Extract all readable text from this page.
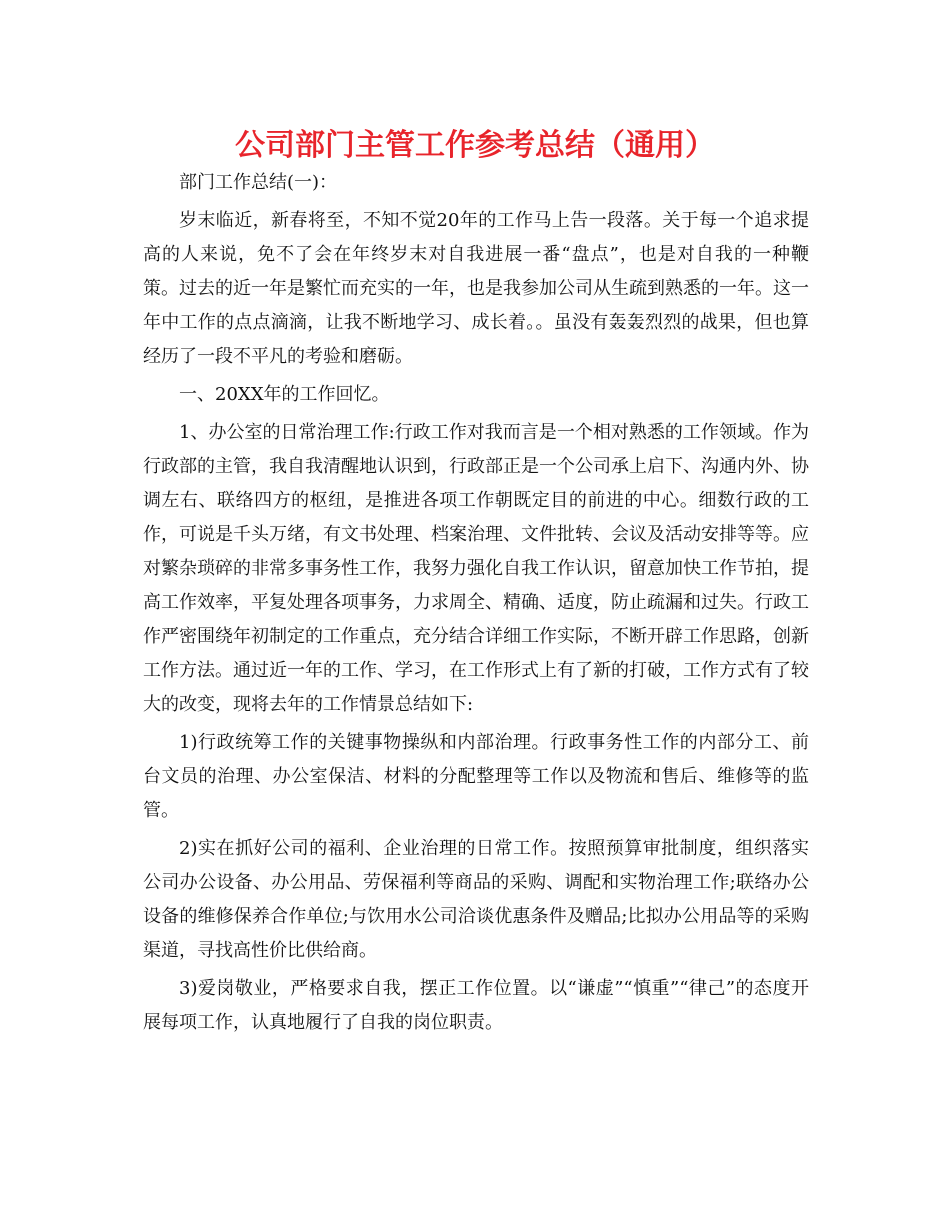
公司部门主管工作参考总结（通用）

部门工作总结(一)：

岁末临近，新春将至，不知不觉20年的工作马上告一段落。关于每一个追求提高的人来说，免不了会在年终岁末对自我进展一番“盘点”，也是对自我的一种鞭策。过去的近一年是繁忙而充实的一年，也是我参加公司从生疏到熟悉的一年。这一年中工作的点点滴滴，让我不断地学习、成长着。。虽没有轰轰烈烈的战果，但也算经历了一段不平凡的考验和磨砺。

一、20XX年的工作回忆。

1、办公室的日常治理工作:行政工作对我而言是一个相对熟悉的工作领域。作为行政部的主管，我自我清醒地认识到，行政部正是一个公司承上启下、沟通内外、协调左右、联络四方的枢纽，是推进各项工作朝既定目的前进的中心。细数行政的工作，可说是千头万绪，有文书处理、档案治理、文件批转、会议及活动安排等等。应对繁杂琐碎的非常多事务性工作，我努力强化自我工作认识，留意加快工作节拍，提高工作效率，平复处理各项事务，力求周全、精确、适度，防止疏漏和过失。行政工作严密围绕年初制定的工作重点，充分结合详细工作实际，不断开辟工作思路，创新工作方法。通过近一年的工作、学习，在工作形式上有了新的打破，工作方式有了较大的改变，现将去年的工作情景总结如下:

1)行政统筹工作的关键事物操纵和内部治理。行政事务性工作的内部分工、前台文员的治理、办公室保洁、材料的分配整理等工作以及物流和售后、维修等的监管。

2)实在抓好公司的福利、企业治理的日常工作。按照预算审批制度，组织落实公司办公设备、办公用品、劳保福利等商品的采购、调配和实物治理工作;联络办公设备的维修保养合作单位;与饮用水公司洽谈优惠条件及赠品;比拟办公用品等的采购渠道，寻找高性价比供给商。

3)爱岗敬业，严格要求自我，摆正工作位置。以“谦虚”“慎重”“律己”的态度开展每项工作，认真地履行了自我的岗位职责。
